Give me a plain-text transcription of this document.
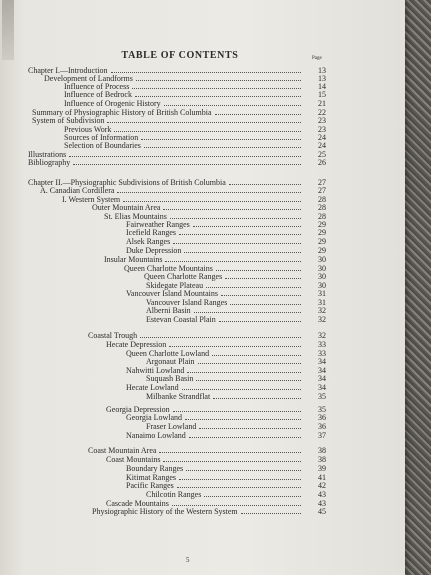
TABLE OF CONTENTS	Page
Chapter I.—Introduction	13
Development of Landforms	13
Influence of Process	14
Influence of Bedrock	15
Influence of Orogenic History	21
Summary of Physiographic History of British Columbia	22
System of Subdivision	23
Previous Work	23
Sources of Information	24
Selection of Boundaries	24
Illustrations	25
Bibliography	26
Chapter II.—Physiographic Subdivisions of British Columbia	27
A. Canadian Cordillera	27
I. Western System	28
Outer Mountain Area	28
St. Elias Mountains	28
Fairweather Ranges	29
Icefield Ranges	29
Alsek Ranges	29
Duke Depression	29
Insular Mountains	30
Queen Charlotte Mountains	30
Queen Charlotte Ranges	30
Skidegate Plateau	30
Vancouver Island Mountains	31
Vancouver Island Ranges	31
Alberni Basin	32
Estevan Coastal Plain	32
Coastal Trough	32
Hecate Depression	33
Queen Charlotte Lowland	33
Argonaut Plain	34
Nahwitti Lowland	34
Suquash Basin	34
Hecate Lowland	34
Milbanke Strandflat	35
Georgia Depression	35
Georgia Lowland	36
Fraser Lowland	36
Nanaimo Lowland	37
Coast Mountain Area	38
Coast Mountains	38
Boundary Ranges	39
Kitimat Ranges	41
Pacific Ranges	42
Chilcotin Ranges	43
Cascade Mountains	43
Physiographic History of the Western System	45
5
